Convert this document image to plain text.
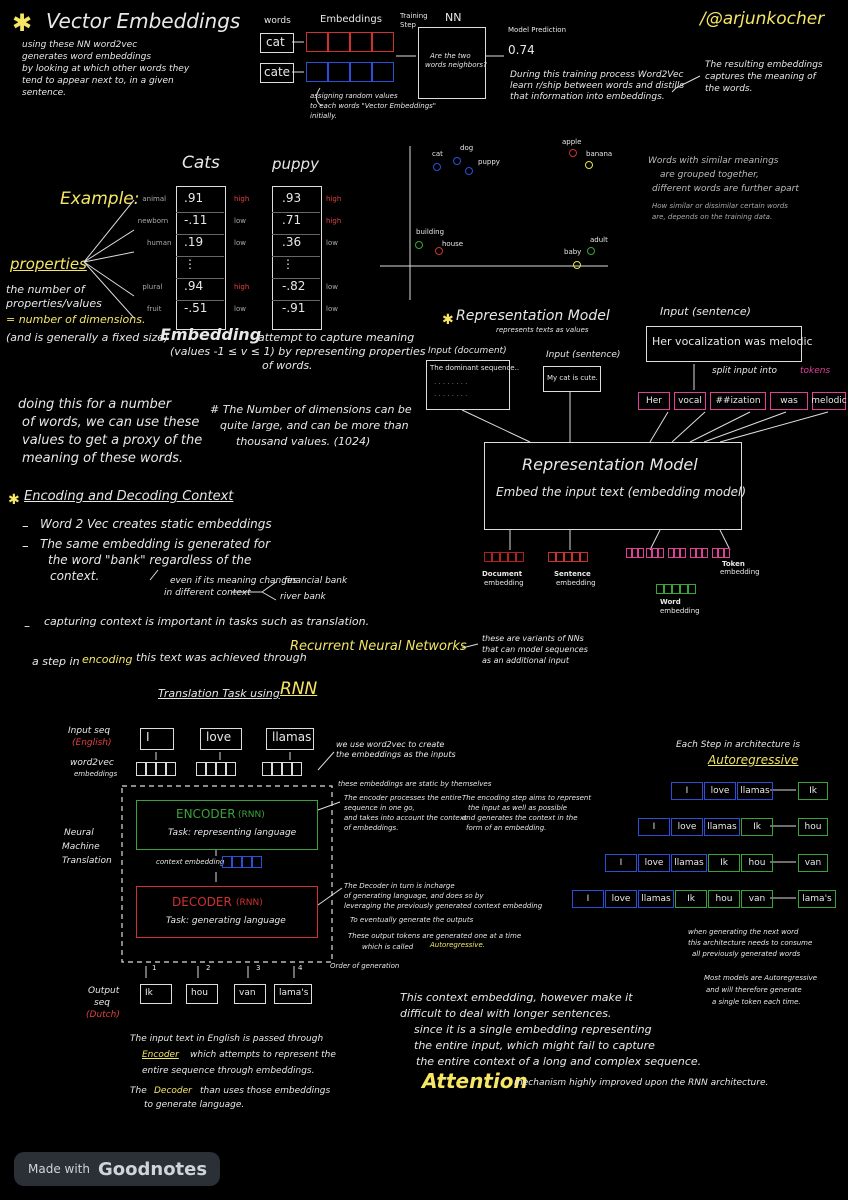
✱ Vector Embeddings	/@arjunkocher
using these NN word2vec
generates word embeddings
by looking at which other words they
tend to appear next to, in a given
sentence.
words	Embeddings	Training
Step
NN
Model Prediction
cat
cate
Are the two
words neighbors?
0.74
assigning random values
to each words "Vector Embeddings"
initially.
During this training process Word2Vec
learn r/ship between words and distills
that information into embeddings.
The resulting embeddings
captures the meaning of
the words.
Example:
Cats	puppy
animal .91	high	.93	high
newborn -.11	low	.71	high
human .19	low	.36	low
⋮	⋮
plural .94	high	-.82	low
fruit -.51	low	-.91	low
properties
the number of
properties/values
= number of dimensions.
(and is generally a fixed size)
Embedding
attempt to capture meaning
(values -1 ≤ v ≤ 1) by representing properties
of words.
cat
dog
puppy
apple
banana
building
house
baby
adult
Words with similar meanings
are grouped together,
different words are further apart
How similar or dissimilar certain words
are, depends on the training data.
doing this for a number
of words, we can use these
values to get a proxy of the
meaning of these words.
# The Number of dimensions can be
quite large, and can be more than
thousand values. (1024)
✱ Representation Model
represents texts as values
Input (document)
The dominant sequence..
· · · · · · · ·
· · · · · · · ·
Input (sentence)
My cat is cute.
Input (sentence)
Her vocalization was melodic
split input into	tokens
Her	vocal	##ization	was	melodic
Representation Model
Embed the input text (embedding model)
Document
embedding
Sentence
embedding
Word
embedding
Token
embedding
✱ Encoding and Decoding Context
– Word 2 Vec creates static embeddings
– The same embedding is generated for
the word "bank" regardless of the
context.	even if its meaning changes
in different context
financial bank
river bank
– capturing context is important in tasks such as translation.
a step in encoding this text was achieved through
Recurrent Neural Networks
these are variants of NNs
that can model sequences
as an additional input
Translation Task using RNN
Input seq
(English)
word2vec
embeddings
I	love	llamas
we use word2vec to create
the embeddings as the inputs
these embeddings are static by themselves
ENCODER (RNN)
Task: representing language
context embedding
DECODER (RNN)
Task: generating language
Neural
Machine
Translation
The encoder processes the entire
sequence in one go,
and takes into account the context
of embeddings.
The encoding step aims to represent
the input as well as possible
and generates the context in the
form of an embedding.
The Decoder in turn is incharge
of generating language, and does so by
leveraging the previously generated context embedding
To eventually generate the outputs
These output tokens are generated one at a time
which is called Autoregressive.
Order of generation
Output
seq
(Dutch)
Ik
1
hou
2
van
3
lama's
4
Each Step in architecture is
Autoregressive
I	love	llamas	Ik
I	love	llamas	Ik	hou
I	love	llamas	Ik	hou	van
I	love	llamas	Ik	hou	van	lama's
when generating the next word
this architecture needs to consume
all previously generated words
Most models are Autoregressive
and will therefore generate
a single token each time.
The input text in English is passed through
Encoder which attempts to represent the
entire sequence through embeddings.
The Decoder than uses those embeddings
to generate language.
This context embedding, however make it
difficult to deal with longer sentences.
since it is a single embedding representing
the entire input, which might fail to capture
the entire context of a long and complex sequence.
Attention
mechanism highly improved upon the RNN architecture.
Made with Goodnotes
